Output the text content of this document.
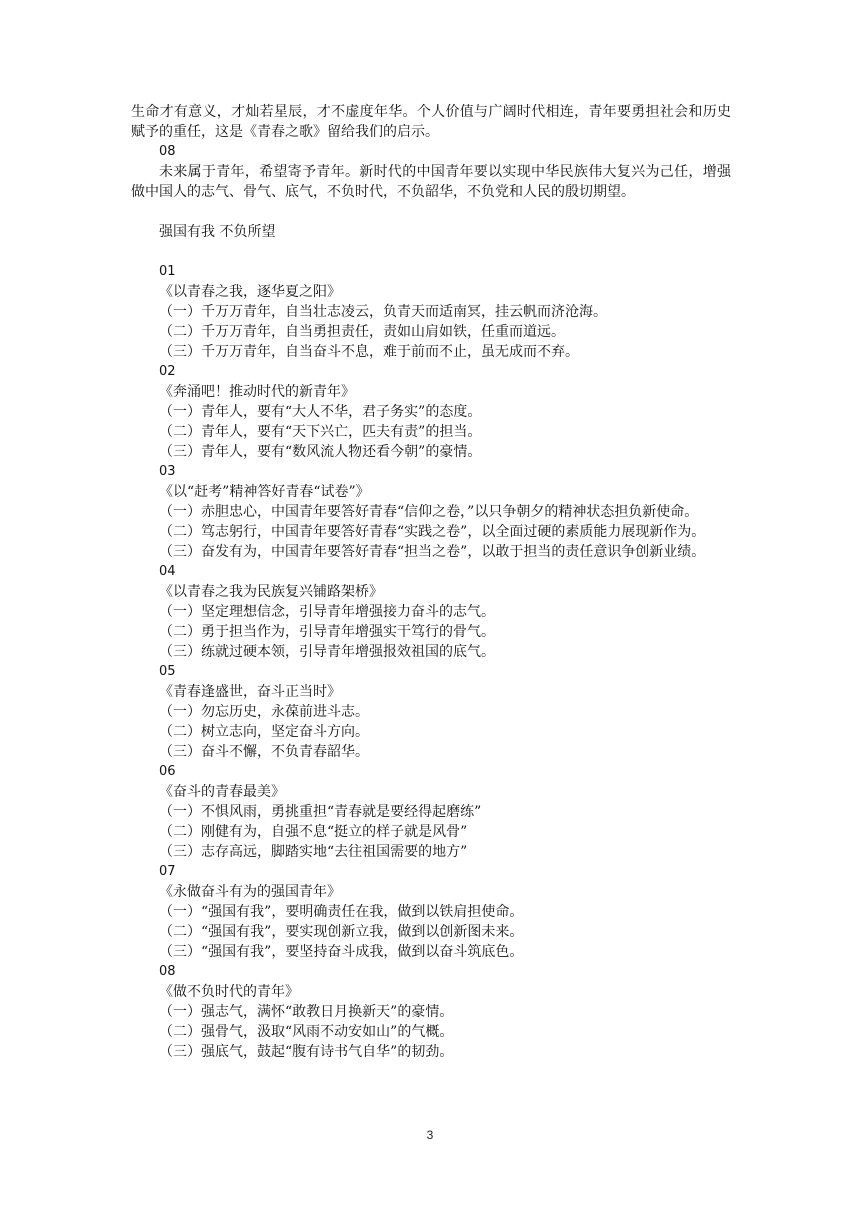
生命才有意义，才灿若星辰，才不虚度年华。个人价值与广阔时代相连，青年要勇担社会和历史赋予的重任，这是《青春之歌》留给我们的启示。

08

未来属于青年，希望寄予青年。新时代的中国青年要以实现中华民族伟大复兴为己任，增强做中国人的志气、骨气、底气，不负时代，不负韶华，不负党和人民的殷切期望。

强国有我 不负所望

01

《以青春之我，逐华夏之阳》

（一）千万万青年，自当壮志凌云，负青天而适南冥，挂云帆而济沧海。

（二）千万万青年，自当勇担责任，责如山肩如铁，任重而道远。

（三）千万万青年，自当奋斗不息，难于前而不止，虽无成而不弃。

02

《奔涌吧！推动时代的新青年》

（一）青年人，要有“大人不华，君子务实”的态度。

（二）青年人，要有“天下兴亡，匹夫有责”的担当。

（三）青年人，要有“数风流人物还看今朝”的豪情。

03

《以“赶考”精神答好青春“试卷”》

（一）赤胆忠心，中国青年要答好青春“信仰之卷，”以只争朝夕的精神状态担负新使命。

（二）笃志躬行，中国青年要答好青春“实践之卷”，以全面过硬的素质能力展现新作为。

（三）奋发有为，中国青年要答好青春“担当之卷”，以敢于担当的责任意识争创新业绩。

04

《以青春之我为民族复兴铺路架桥》

（一）坚定理想信念，引导青年增强接力奋斗的志气。

（二）勇于担当作为，引导青年增强实干笃行的骨气。

（三）练就过硬本领，引导青年增强报效祖国的底气。

05

《青春逢盛世，奋斗正当时》

（一）勿忘历史，永葆前进斗志。

（二）树立志向，坚定奋斗方向。

（三）奋斗不懈，不负青春韶华。

06

《奋斗的青春最美》

（一）不惧风雨，勇挑重担“青春就是要经得起磨练”

（二）刚健有为，自强不息“挺立的样子就是风骨”

（三）志存高远，脚踏实地“去往祖国需要的地方”

07

《永做奋斗有为的强国青年》

（一）“强国有我”，要明确责任在我，做到以铁肩担使命。

（二）“强国有我”，要实现创新立我，做到以创新图未来。

（三）“强国有我”，要坚持奋斗成我，做到以奋斗筑底色。

08

《做不负时代的青年》

（一）强志气，满怀“敢教日月换新天”的豪情。

（二）强骨气，汲取“风雨不动安如山”的气概。

（三）强底气，鼓起“腹有诗书气自华”的韧劲。

3
